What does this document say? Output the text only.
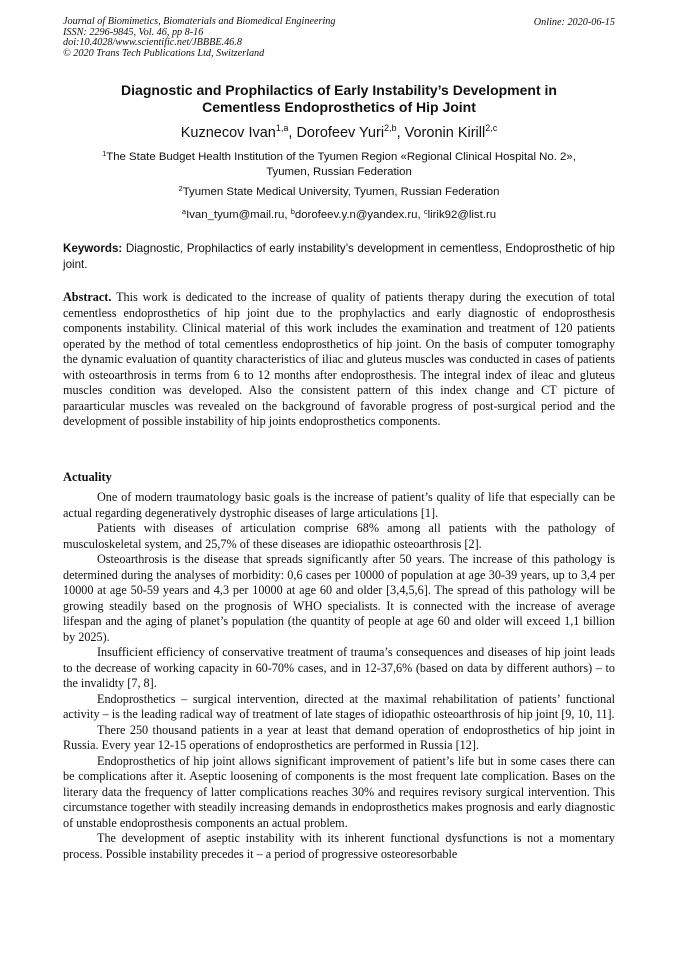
Journal of Biomimetics, Biomaterials and Biomedical Engineering
ISSN: 2296-9845, Vol. 46, pp 8-16
doi:10.4028/www.scientific.net/JBBBE.46.8
© 2020 Trans Tech Publications Ltd, Switzerland
Online: 2020-06-15
Diagnostic and Prophilactics of Early Instability’s Development in
Cementless Endoprosthetics of Hip Joint
Kuznecov Ivan$^{1,a}$, Dorofeev Yuri$^{2,b}$, Voronin Kirill$^{2,c}$
$^1$The State Budget Health Institution of the Tyumen Region «Regional Clinical Hospital No. 2»,
Tyumen, Russian Federation
$^2$Tyumen State Medical University, Tyumen, Russian Federation
$^a$Ivan_tyum@mail.ru, $^b$dorofeev.y.n@yandex.ru, $^c$lirik92@list.ru
Keywords: Diagnostic, Prophilactics of early instability’s development in cementless, Endoprosthetic of hip joint.

Abstract. This work is dedicated to the increase of quality of patients therapy during the execution of total cementless endoprosthetics of hip joint due to the prophylactics and early diagnostic of endoprosthesis components instability. Clinical material of this work includes the examination and treatment of 120 patients operated by the method of total cementless endoprosthetics of hip joint. On the basis of computer tomography the dynamic evaluation of quantity characteristics of iliac and gluteus muscles was conducted in cases of patients with osteoarthrosis in terms from 6 to 12 months after endoprosthesis. The integral index of ileac and gluteus muscles condition was developed. Also the consistent pattern of this index change and CT picture of paraarticular muscles was revealed on the background of favorable progress of post-surgical period and the development of possible instability of hip joints endoprosthetics components.

Actuality

One of modern traumatology basic goals is the increase of patient’s quality of life that especially can be actual regarding degeneratively dystrophic diseases of large articulations [1].

Patients with diseases of articulation comprise 68% among all patients with the pathology of musculoskeletal system, and 25,7% of these diseases are idiopathic osteoarthrosis [2].

Osteoarthrosis is the disease that spreads significantly after 50 years. The increase of this pathology is determined during the analyses of morbidity: 0,6 cases per 10000 of population at age 30-39 years, up to 3,4 per 10000 at age 50-59 years and 4,3 per 10000 at age 60 and older [3,4,5,6]. The spread of this pathology will be growing steadily based on the prognosis of WHO specialists. It is connected with the increase of average lifespan and the aging of planet’s population (the quantity of people at age 60 and older will exceed 1,1 billion by 2025).

Insufficient efficiency of conservative treatment of trauma’s consequences and diseases of hip joint leads to the decrease of working capacity in 60-70% cases, and in 12-37,6% (based on data by different authors) – to the invalidty [7, 8].

Endoprosthetics – surgical intervention, directed at the maximal rehabilitation of patients’ functional activity – is the leading radical way of treatment of late stages of idiopathic osteoarthrosis of hip joint [9, 10, 11].

There 250 thousand patients in a year at least that demand operation of endoprosthetics of hip joint in Russia. Every year 12-15 operations of endoprosthetics are performed in Russia [12].

Endoprosthetics of hip joint allows significant improvement of patient’s life but in some cases there can be complications after it. Aseptic loosening of components is the most frequent late complication. Bases on the literary data the frequency of latter complications reaches 30% and requires revisory surgical intervention. This circumstance together with steadily increasing demands in endoprosthetics makes prognosis and early diagnostic of unstable endoprosthesis components an actual problem.

The development of aseptic instability with its inherent functional dysfunctions is not a momentary process. Possible instability precedes it – a period of progressive osteoresorbable
